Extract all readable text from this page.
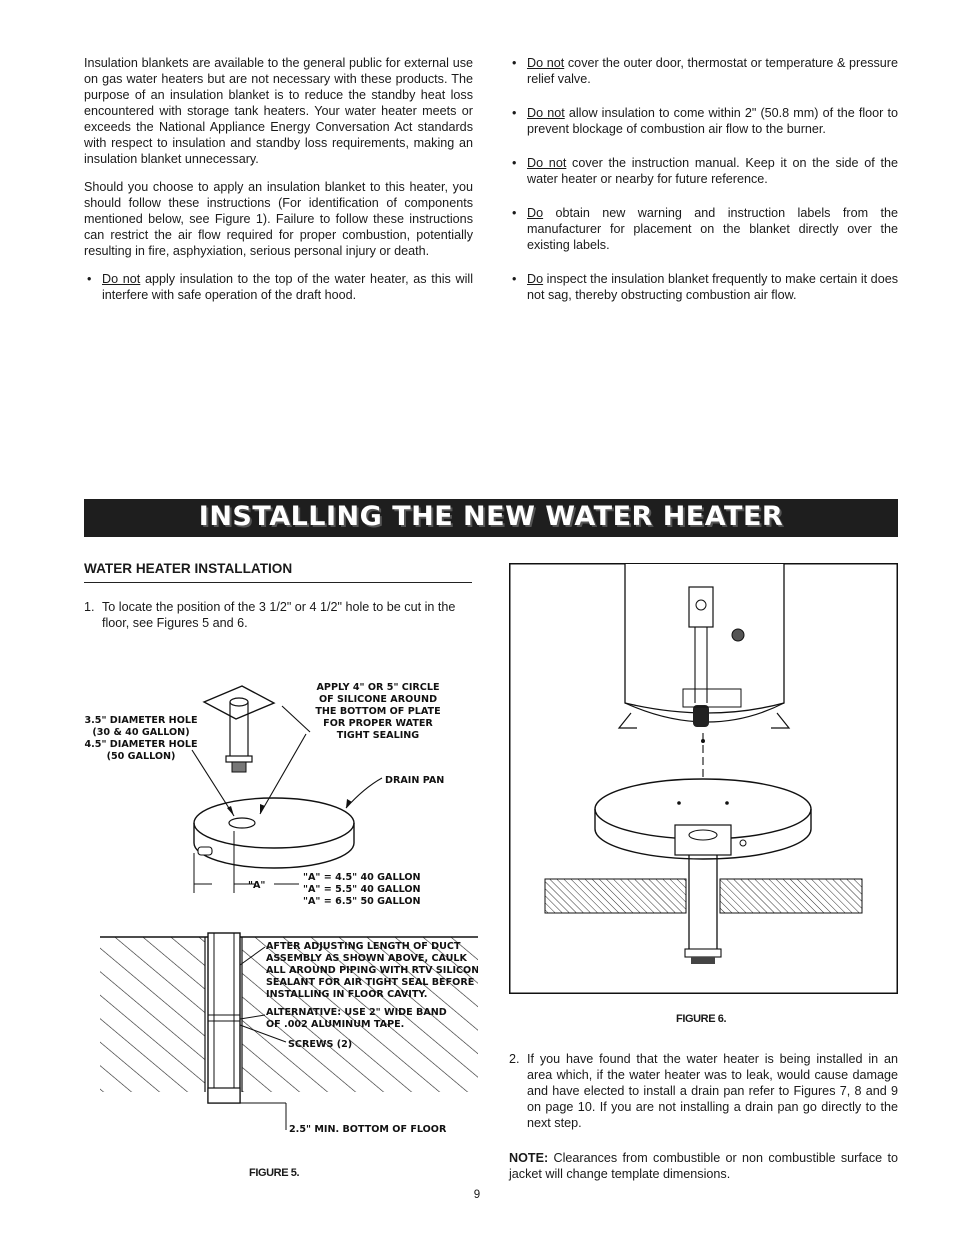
Insulation blankets are available to the general public for external use on gas water heaters but are not necessary with these products. The purpose of an insulation blanket is to reduce the standby heat loss encountered with storage tank heaters. Your water heater meets or exceeds the National Appliance Energy Conversation Act standards with respect to insulation and standby loss requirements, making an insulation blanket unnecessary.

Should you choose to apply an insulation blanket to this heater, you should follow these instructions (For identification of components mentioned below, see Figure 1). Failure to follow these instructions can restrict the air flow required for proper combustion, potentially resulting in fire, asphyxiation, serious personal injury or death.

• Do not apply insulation to the top of the water heater, as this will interfere with safe operation of the draft hood.
• Do not cover the outer door, thermostat or temperature & pressure relief valve.
• Do not allow insulation to come within 2" (50.8 mm) of the floor to prevent blockage of combustion air flow to the burner.
• Do not cover the instruction manual. Keep it on the side of the water heater or nearby for future reference.
• Do obtain new warning and instruction labels from the manufacturer for placement on the blanket directly over the existing labels.
• Do inspect the insulation blanket frequently to make certain it does not sag, thereby obstructing combustion air flow.
INSTALLING THE NEW WATER HEATER
WATER HEATER INSTALLATION
1. To locate the position of the 3 1/2" or 4 1/2" hole to be cut in the floor, see Figures 5 and 6.
3.5" DIAMETER HOLE
(30 & 40 GALLON)
4.5" DIAMETER HOLE
(50 GALLON)
APPLY 4" OR 5" CIRCLE
OF SILICONE AROUND
THE BOTTOM OF PLATE
FOR PROPER WATER
TIGHT SEALING
DRAIN PAN
"A"
"A" = 4.5" 40 GALLON
"A" = 5.5" 40 GALLON
"A" = 6.5" 50 GALLON
AFTER ADJUSTING LENGTH OF DUCT
ASSEMBLY AS SHOWN ABOVE, CAULK
ALL AROUND PIPING WITH RTV SILICON
SEALANT FOR AIR TIGHT SEAL BEFORE
INSTALLING IN FLOOR CAVITY.
ALTERNATIVE: USE 2" WIDE BAND
OF .002 ALUMINUM TAPE.
SCREWS (2)
2.5" MIN. BOTTOM OF FLOOR
FIGURE 5.
FIGURE 6.
2. If you have found that the water heater is being installed in an area which, if the water heater was to leak, would cause damage and have elected to install a drain pan refer to Figures 7, 8 and 9 on page 10. If you are not installing a drain pan go directly to the next step.
NOTE: Clearances from combustible or non combustible surface to jacket will change template dimensions.
9
